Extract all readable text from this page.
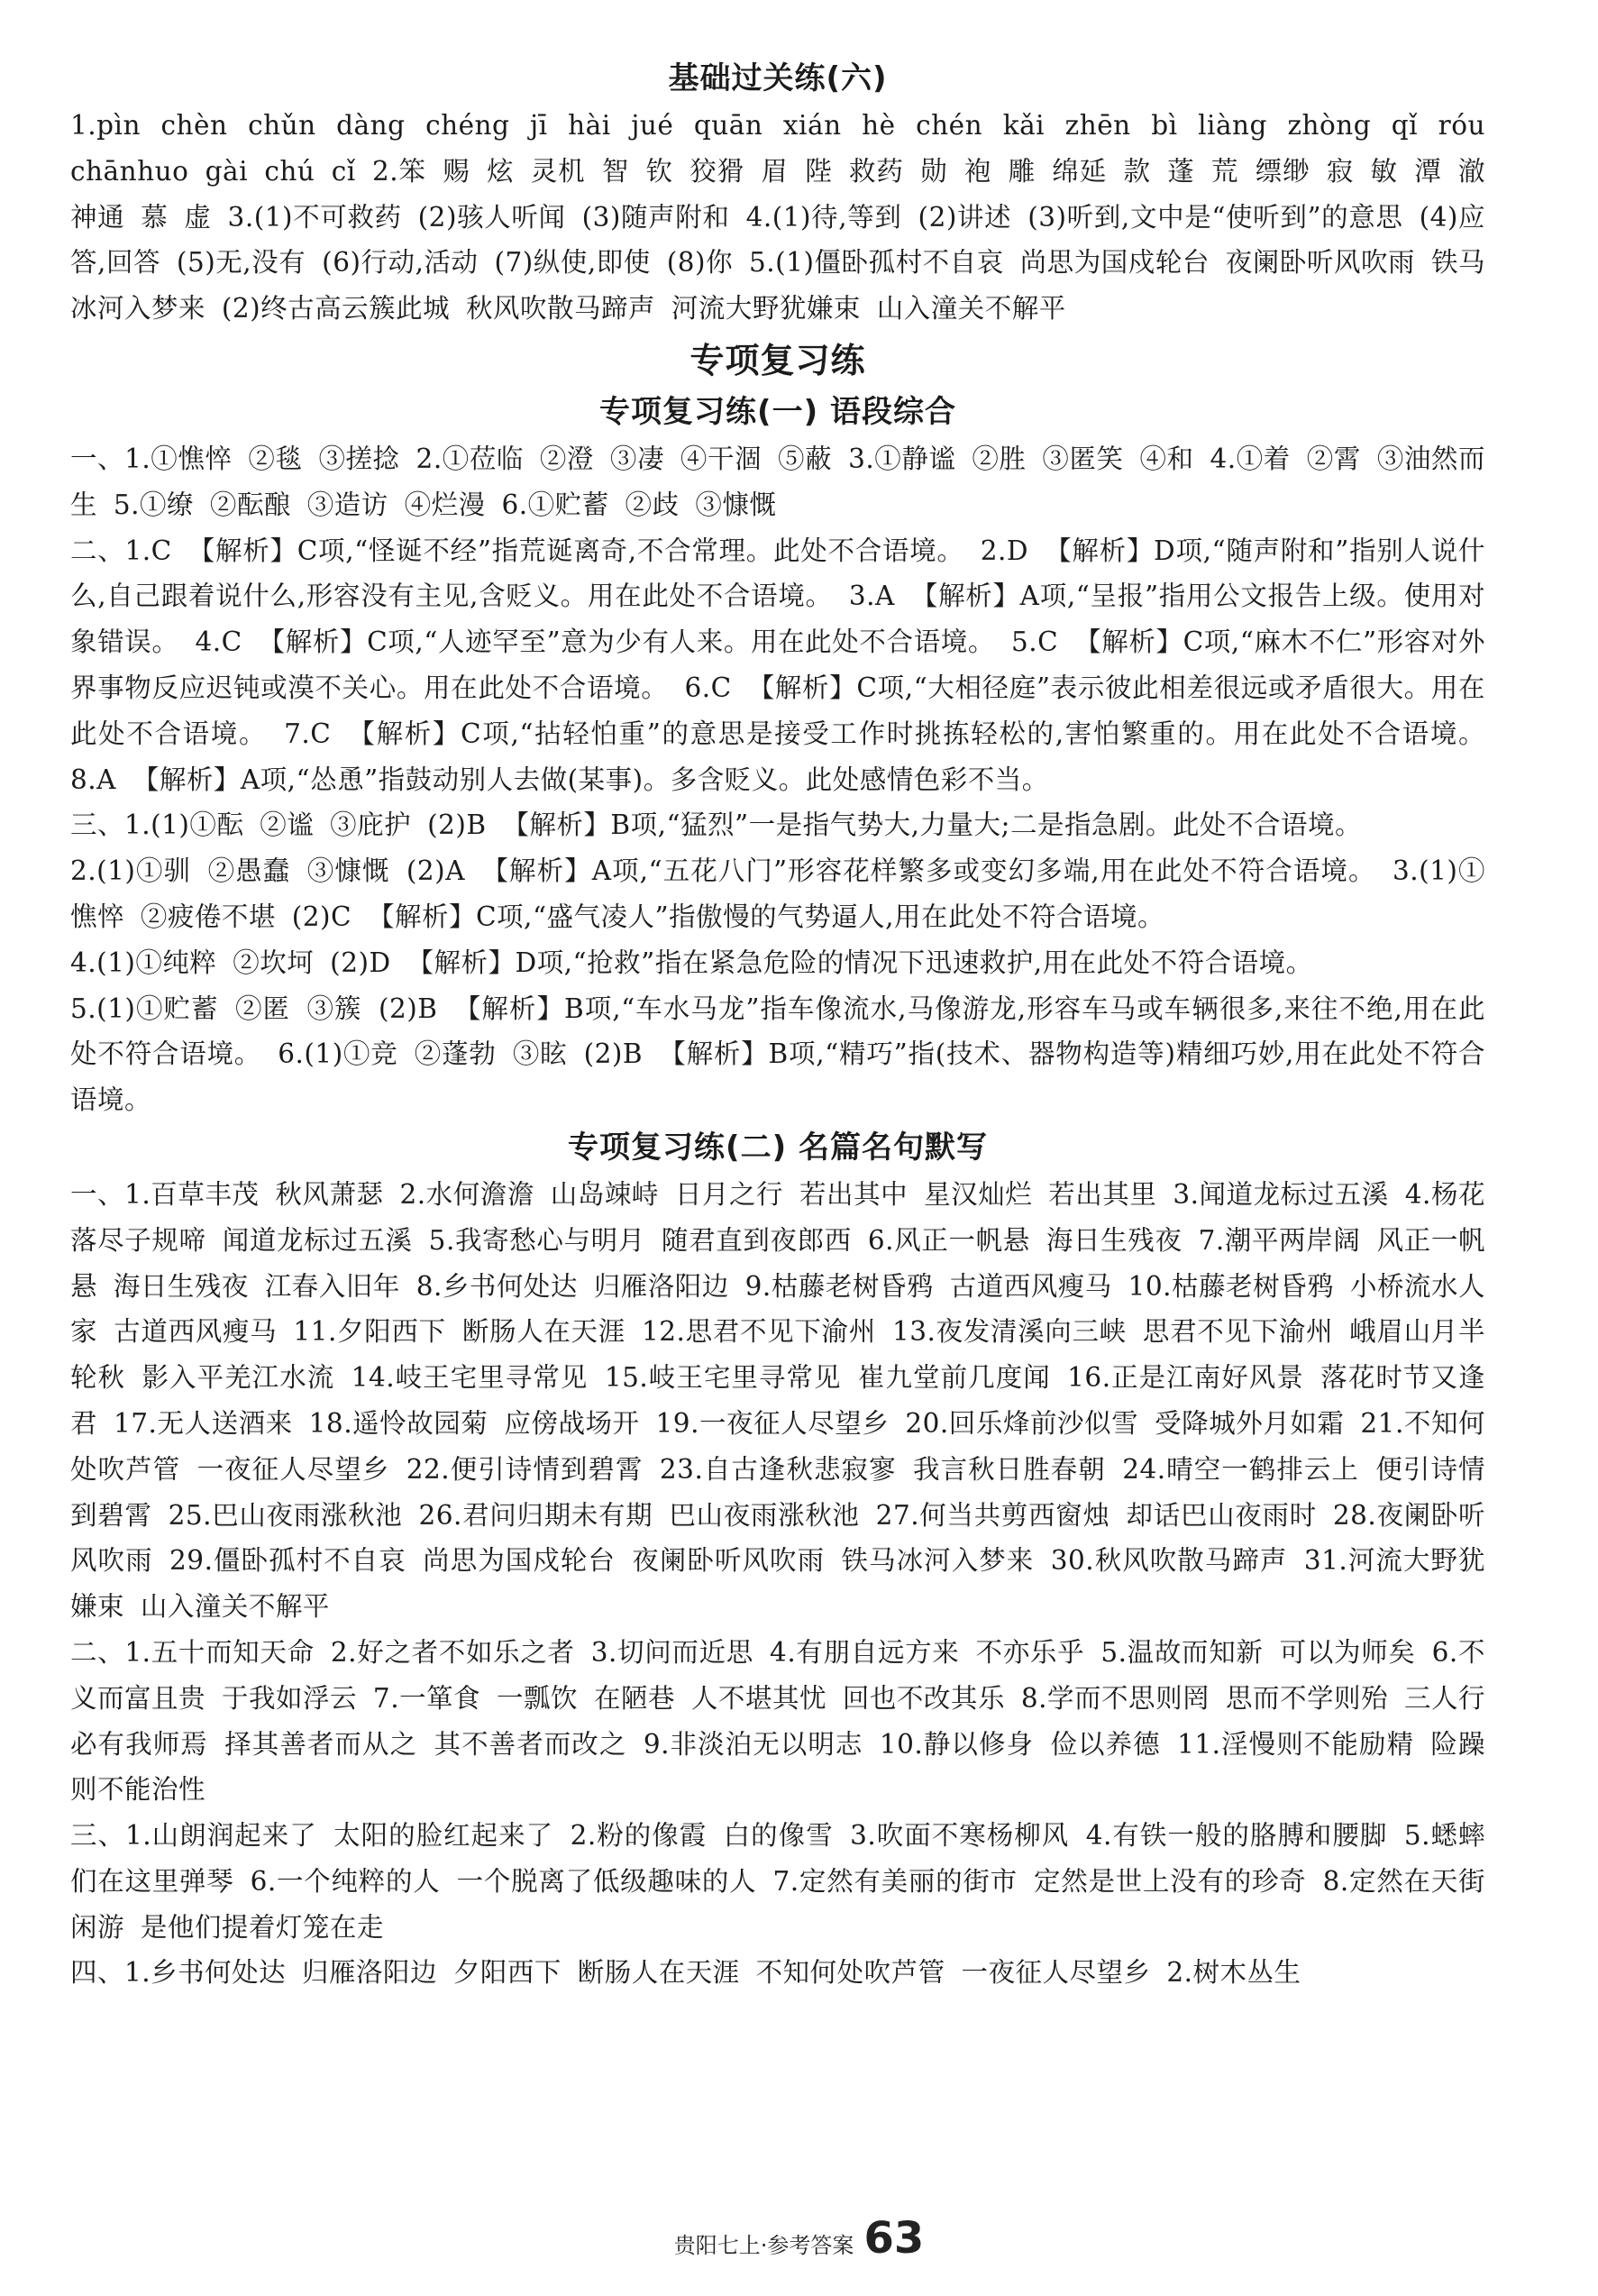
基础过关练(六)

1.pìn chèn chǔn dàng chéng jī hài jué quān xián hè chén kǎi zhēn bì liàng zhòng qǐ róu chānhuo gài chú cǐ 2.笨 赐 炫 灵机 智 钦 狡猾 眉 陛 救药 勋 袍 雕 绵延 款 蓬 荒 缥缈 寂 敏 潭 澈 神通 慕 虚 3.(1)不可救药 (2)骇人听闻 (3)随声附和 4.(1)待,等到 (2)讲述 (3)听到,文中是“使听到”的意思 (4)应答,回答 (5)无,没有 (6)行动,活动 (7)纵使,即使 (8)你 5.(1)僵卧孤村不自哀 尚思为国戍轮台 夜阑卧听风吹雨 铁马冰河入梦来 (2)终古高云簇此城 秋风吹散马蹄声 河流大野犹嫌束 山入潼关不解平

专项复习练
专项复习练(一) 语段综合

一、1.①憔悴 ②毯 ③搓捻 2.①莅临 ②澄 ③凄 ④干涸 ⑤蔽 3.①静谧 ②胜 ③匿笑 ④和 4.①着 ②霄 ③油然而生 5.①缭 ②酝酿 ③造访 ④烂漫 6.①贮蓄 ②歧 ③慷慨

二、1.C 【解析】C项,“怪诞不经”指荒诞离奇,不合常理。此处不合语境。 2.D 【解析】D项,“随声附和”指别人说什么,自己跟着说什么,形容没有主见,含贬义。用在此处不合语境。 3.A 【解析】A项,“呈报”指用公文报告上级。使用对象错误。 4.C 【解析】C项,“人迹罕至”意为少有人来。用在此处不合语境。 5.C 【解析】C项,“麻木不仁”形容对外界事物反应迟钝或漠不关心。用在此处不合语境。 6.C 【解析】C项,“大相径庭”表示彼此相差很远或矛盾很大。用在此处不合语境。 7.C 【解析】C项,“拈轻怕重”的意思是接受工作时挑拣轻松的,害怕繁重的。用在此处不合语境。 8.A 【解析】A项,“怂恿”指鼓动别人去做(某事)。多含贬义。此处感情色彩不当。

三、1.(1)①酝 ②谧 ③庇护 (2)B 【解析】B项,“猛烈”一是指气势大,力量大;二是指急剧。此处不合语境。

2.(1)①驯 ②愚蠢 ③慷慨 (2)A 【解析】A项,“五花八门”形容花样繁多或变幻多端,用在此处不符合语境。 3.(1)①憔悴 ②疲倦不堪 (2)C 【解析】C项,“盛气凌人”指傲慢的气势逼人,用在此处不符合语境。

4.(1)①纯粹 ②坎坷 (2)D 【解析】D项,“抢救”指在紧急危险的情况下迅速救护,用在此处不符合语境。

5.(1)①贮蓄 ②匿 ③簇 (2)B 【解析】B项,“车水马龙”指车像流水,马像游龙,形容车马或车辆很多,来往不绝,用在此处不符合语境。 6.(1)①竞 ②蓬勃 ③眩 (2)B 【解析】B项,“精巧”指(技术、器物构造等)精细巧妙,用在此处不符合语境。

专项复习练(二) 名篇名句默写

一、1.百草丰茂 秋风萧瑟 2.水何澹澹 山岛竦峙 日月之行 若出其中 星汉灿烂 若出其里 3.闻道龙标过五溪 4.杨花落尽子规啼 闻道龙标过五溪 5.我寄愁心与明月 随君直到夜郎西 6.风正一帆悬 海日生残夜 7.潮平两岸阔 风正一帆悬 海日生残夜 江春入旧年 8.乡书何处达 归雁洛阳边 9.枯藤老树昏鸦 古道西风瘦马 10.枯藤老树昏鸦 小桥流水人家 古道西风瘦马 11.夕阳西下 断肠人在天涯 12.思君不见下渝州 13.夜发清溪向三峡 思君不见下渝州 峨眉山月半轮秋 影入平羌江水流 14.岐王宅里寻常见 15.岐王宅里寻常见 崔九堂前几度闻 16.正是江南好风景 落花时节又逢君 17.无人送酒来 18.遥怜故园菊 应傍战场开 19.一夜征人尽望乡 20.回乐烽前沙似雪 受降城外月如霜 21.不知何处吹芦管 一夜征人尽望乡 22.便引诗情到碧霄 23.自古逢秋悲寂寥 我言秋日胜春朝 24.晴空一鹤排云上 便引诗情到碧霄 25.巴山夜雨涨秋池 26.君问归期未有期 巴山夜雨涨秋池 27.何当共剪西窗烛 却话巴山夜雨时 28.夜阑卧听风吹雨 29.僵卧孤村不自哀 尚思为国戍轮台 夜阑卧听风吹雨 铁马冰河入梦来 30.秋风吹散马蹄声 31.河流大野犹嫌束 山入潼关不解平

二、1.五十而知天命 2.好之者不如乐之者 3.切问而近思 4.有朋自远方来 不亦乐乎 5.温故而知新 可以为师矣 6.不义而富且贵 于我如浮云 7.一箪食 一瓢饮 在陋巷 人不堪其忧 回也不改其乐 8.学而不思则罔 思而不学则殆 三人行 必有我师焉 择其善者而从之 其不善者而改之 9.非淡泊无以明志 10.静以修身 俭以养德 11.淫慢则不能励精 险躁则不能治性

三、1.山朗润起来了 太阳的脸红起来了 2.粉的像霞 白的像雪 3.吹面不寒杨柳风 4.有铁一般的胳膊和腰脚 5.蟋蟀们在这里弹琴 6.一个纯粹的人 一个脱离了低级趣味的人 7.定然有美丽的街市 定然是世上没有的珍奇 8.定然在天街闲游 是他们提着灯笼在走

四、1.乡书何处达 归雁洛阳边 夕阳西下 断肠人在天涯 不知何处吹芦管 一夜征人尽望乡 2.树木丛生

贵阳七上·参考答案 63
